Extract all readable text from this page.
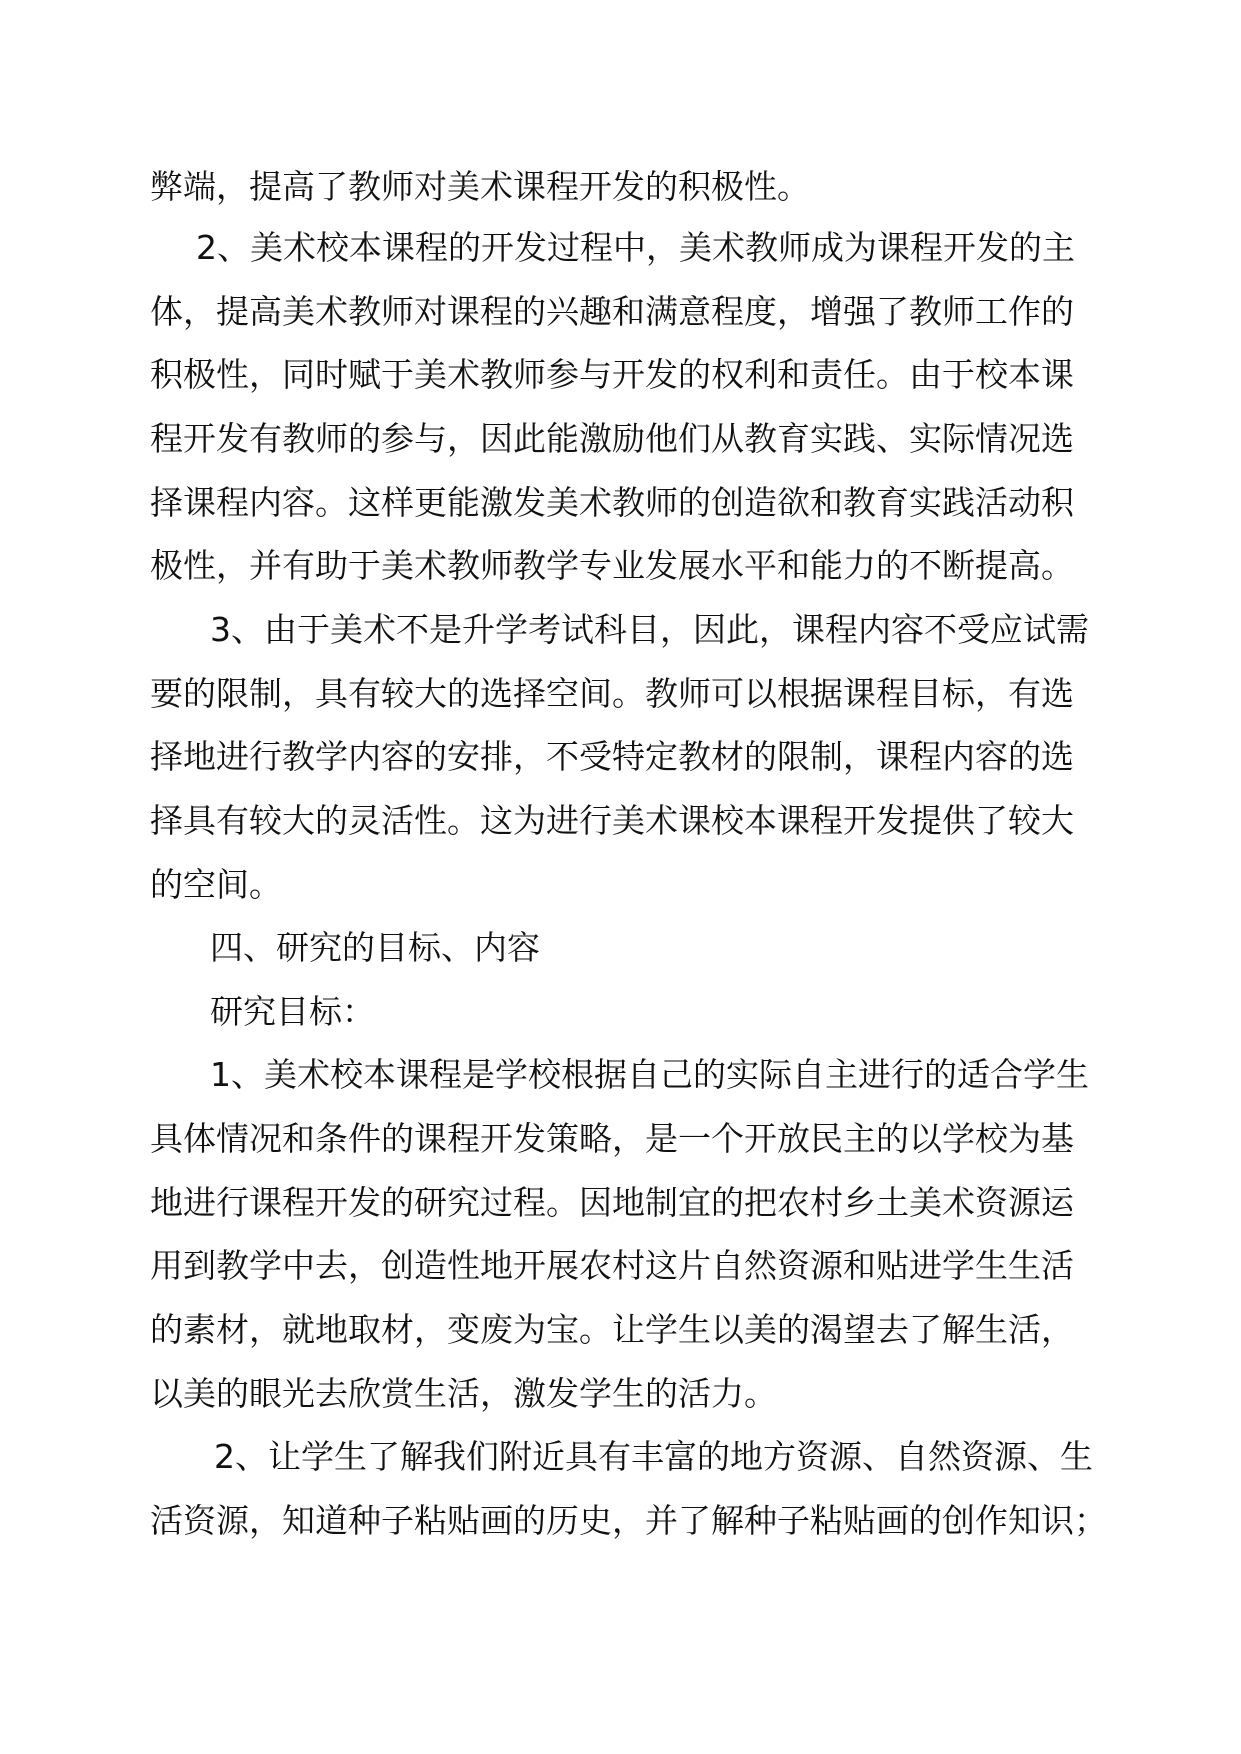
弊端，提高了教师对美术课程开发的积极性。
2、美术校本课程的开发过程中，美术教师成为课程开发的主
体，提高美术教师对课程的兴趣和满意程度，增强了教师工作的
积极性，同时赋于美术教师参与开发的权利和责任。由于校本课
程开发有教师的参与，因此能激励他们从教育实践、实际情况选
择课程内容。这样更能激发美术教师的创造欲和教育实践活动积
极性，并有助于美术教师教学专业发展水平和能力的不断提高。
3、由于美术不是升学考试科目，因此，课程内容不受应试需
要的限制，具有较大的选择空间。教师可以根据课程目标，有选
择地进行教学内容的安排，不受特定教材的限制，课程内容的选
择具有较大的灵活性。这为进行美术课校本课程开发提供了较大
的空间。
四、研究的目标、内容
研究目标：
1、美术校本课程是学校根据自己的实际自主进行的适合学生
具体情况和条件的课程开发策略，是一个开放民主的以学校为基
地进行课程开发的研究过程。因地制宜的把农村乡土美术资源运
用到教学中去，创造性地开展农村这片自然资源和贴进学生生活
的素材，就地取材，变废为宝。让学生以美的渴望去了解生活，
以美的眼光去欣赏生活，激发学生的活力。
2、让学生了解我们附近具有丰富的地方资源、自然资源、生
活资源，知道种子粘贴画的历史，并了解种子粘贴画的创作知识；
